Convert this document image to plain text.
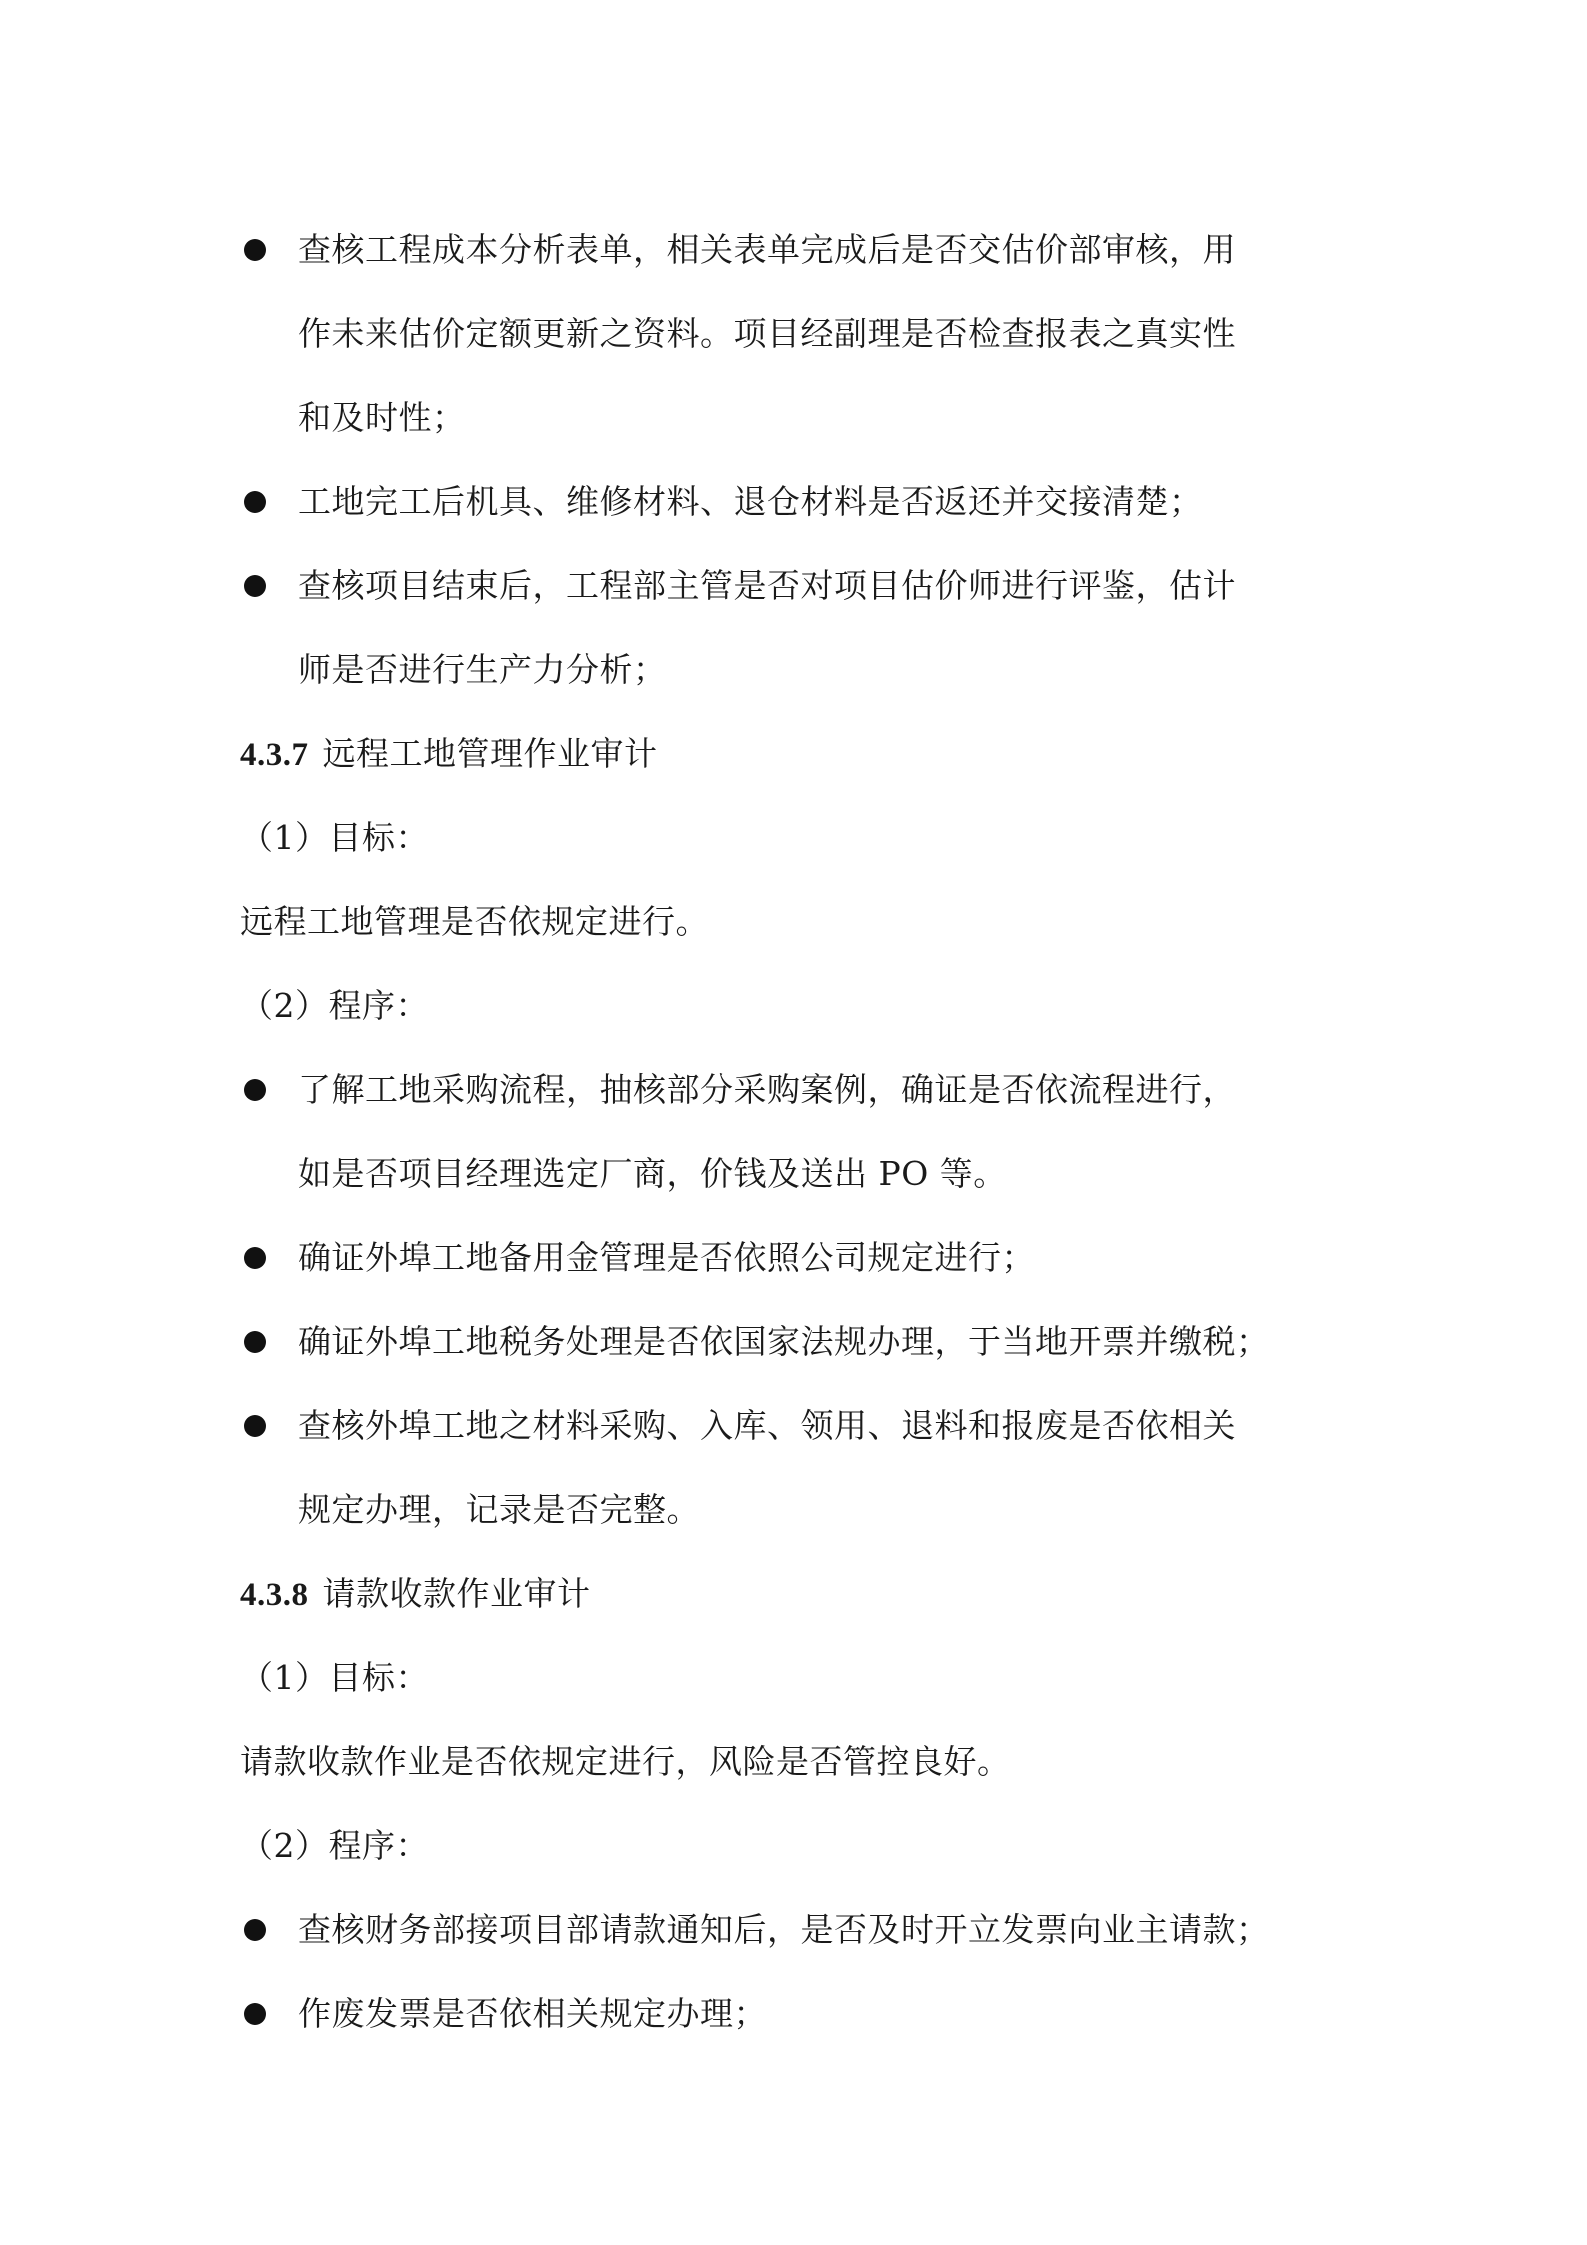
查核工程成本分析表单，相关表单完成后是否交估价部审核，用
作未来估价定额更新之资料。项目经副理是否检查报表之真实性
和及时性；
工地完工后机具、维修材料、退仓材料是否返还并交接清楚；
查核项目结束后，工程部主管是否对项目估价师进行评鉴，估计
师是否进行生产力分析；
4.3.7 远程工地管理作业审计
（1）目标：
远程工地管理是否依规定进行。
（2）程序：
了解工地采购流程，抽核部分采购案例，确证是否依流程进行，
如是否项目经理选定厂商，价钱及送出 PO 等。
确证外埠工地备用金管理是否依照公司规定进行；
确证外埠工地税务处理是否依国家法规办理，于当地开票并缴税；
查核外埠工地之材料采购、入库、领用、退料和报废是否依相关
规定办理，记录是否完整。
4.3.8 请款收款作业审计
（1）目标：
请款收款作业是否依规定进行，风险是否管控良好。
（2）程序：
查核财务部接项目部请款通知后，是否及时开立发票向业主请款；
作废发票是否依相关规定办理；
